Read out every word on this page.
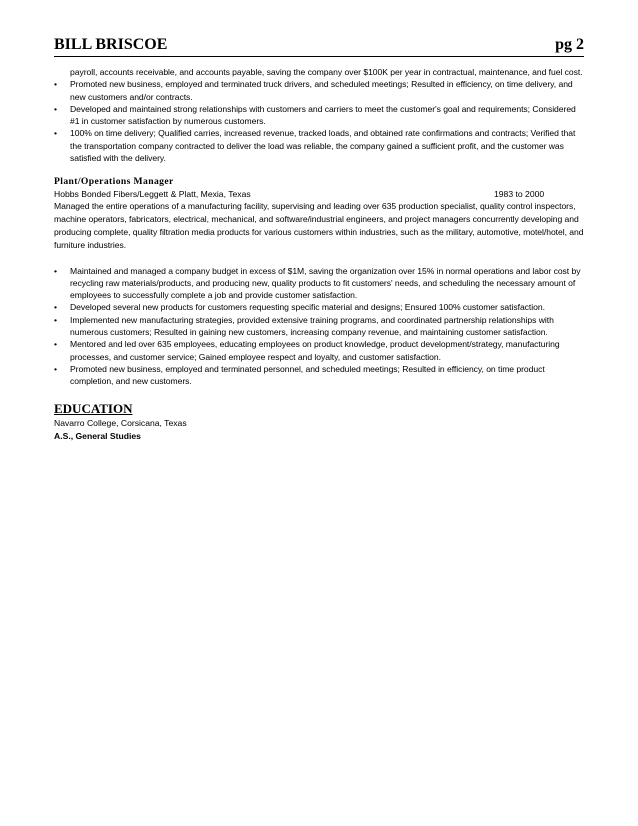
BILL BRISCOE	pg 2
payroll, accounts receivable, and accounts payable, saving the company over $100K per year in contractual, maintenance, and fuel cost.
• Promoted new business, employed and terminated truck drivers, and scheduled meetings; Resulted in efficiency, on time delivery, and new customers and/or contracts.
• Developed and maintained strong relationships with customers and carriers to meet the customer's goal and requirements; Considered #1 in customer satisfaction by numerous customers.
• 100% on time delivery; Qualified carries, increased revenue, tracked loads, and obtained rate confirmations and contracts; Verified that the transportation company contracted to deliver the load was reliable, the company gained a sufficient profit, and the customer was satisfied with the delivery.
Plant/Operations Manager
Hobbs Bonded Fibers/Leggett & Platt, Mexia, Texas	1983 to 2000
Managed the entire operations of a manufacturing facility, supervising and leading over 635 production specialist, quality control inspectors, machine operators, fabricators, electrical, mechanical, and software/industrial engineers, and project managers concurrently developing and producing complete, quality filtration media products for various customers within industries, such as the military, automotive, motel/hotel, and furniture industries.
• Maintained and managed a company budget in excess of $1M, saving the organization over 15% in normal operations and labor cost by recycling raw materials/products, and producing new, quality products to fit customers' needs, and scheduling the necessary amount of employees to successfully complete a job and provide customer satisfaction.
• Developed several new products for customers requesting specific material and designs; Ensured 100% customer satisfaction.
• Implemented new manufacturing strategies, provided extensive training programs, and coordinated partnership relationships with numerous customers; Resulted in gaining new customers, increasing company revenue, and maintaining customer satisfaction.
• Mentored and led over 635 employees, educating employees on product knowledge, product development/strategy, manufacturing processes, and customer service; Gained employee respect and loyalty, and customer satisfaction.
• Promoted new business, employed and terminated personnel, and scheduled meetings; Resulted in efficiency, on time product completion, and new customers.
EDUCATION
Navarro College, Corsicana, Texas
A.S., General Studies
